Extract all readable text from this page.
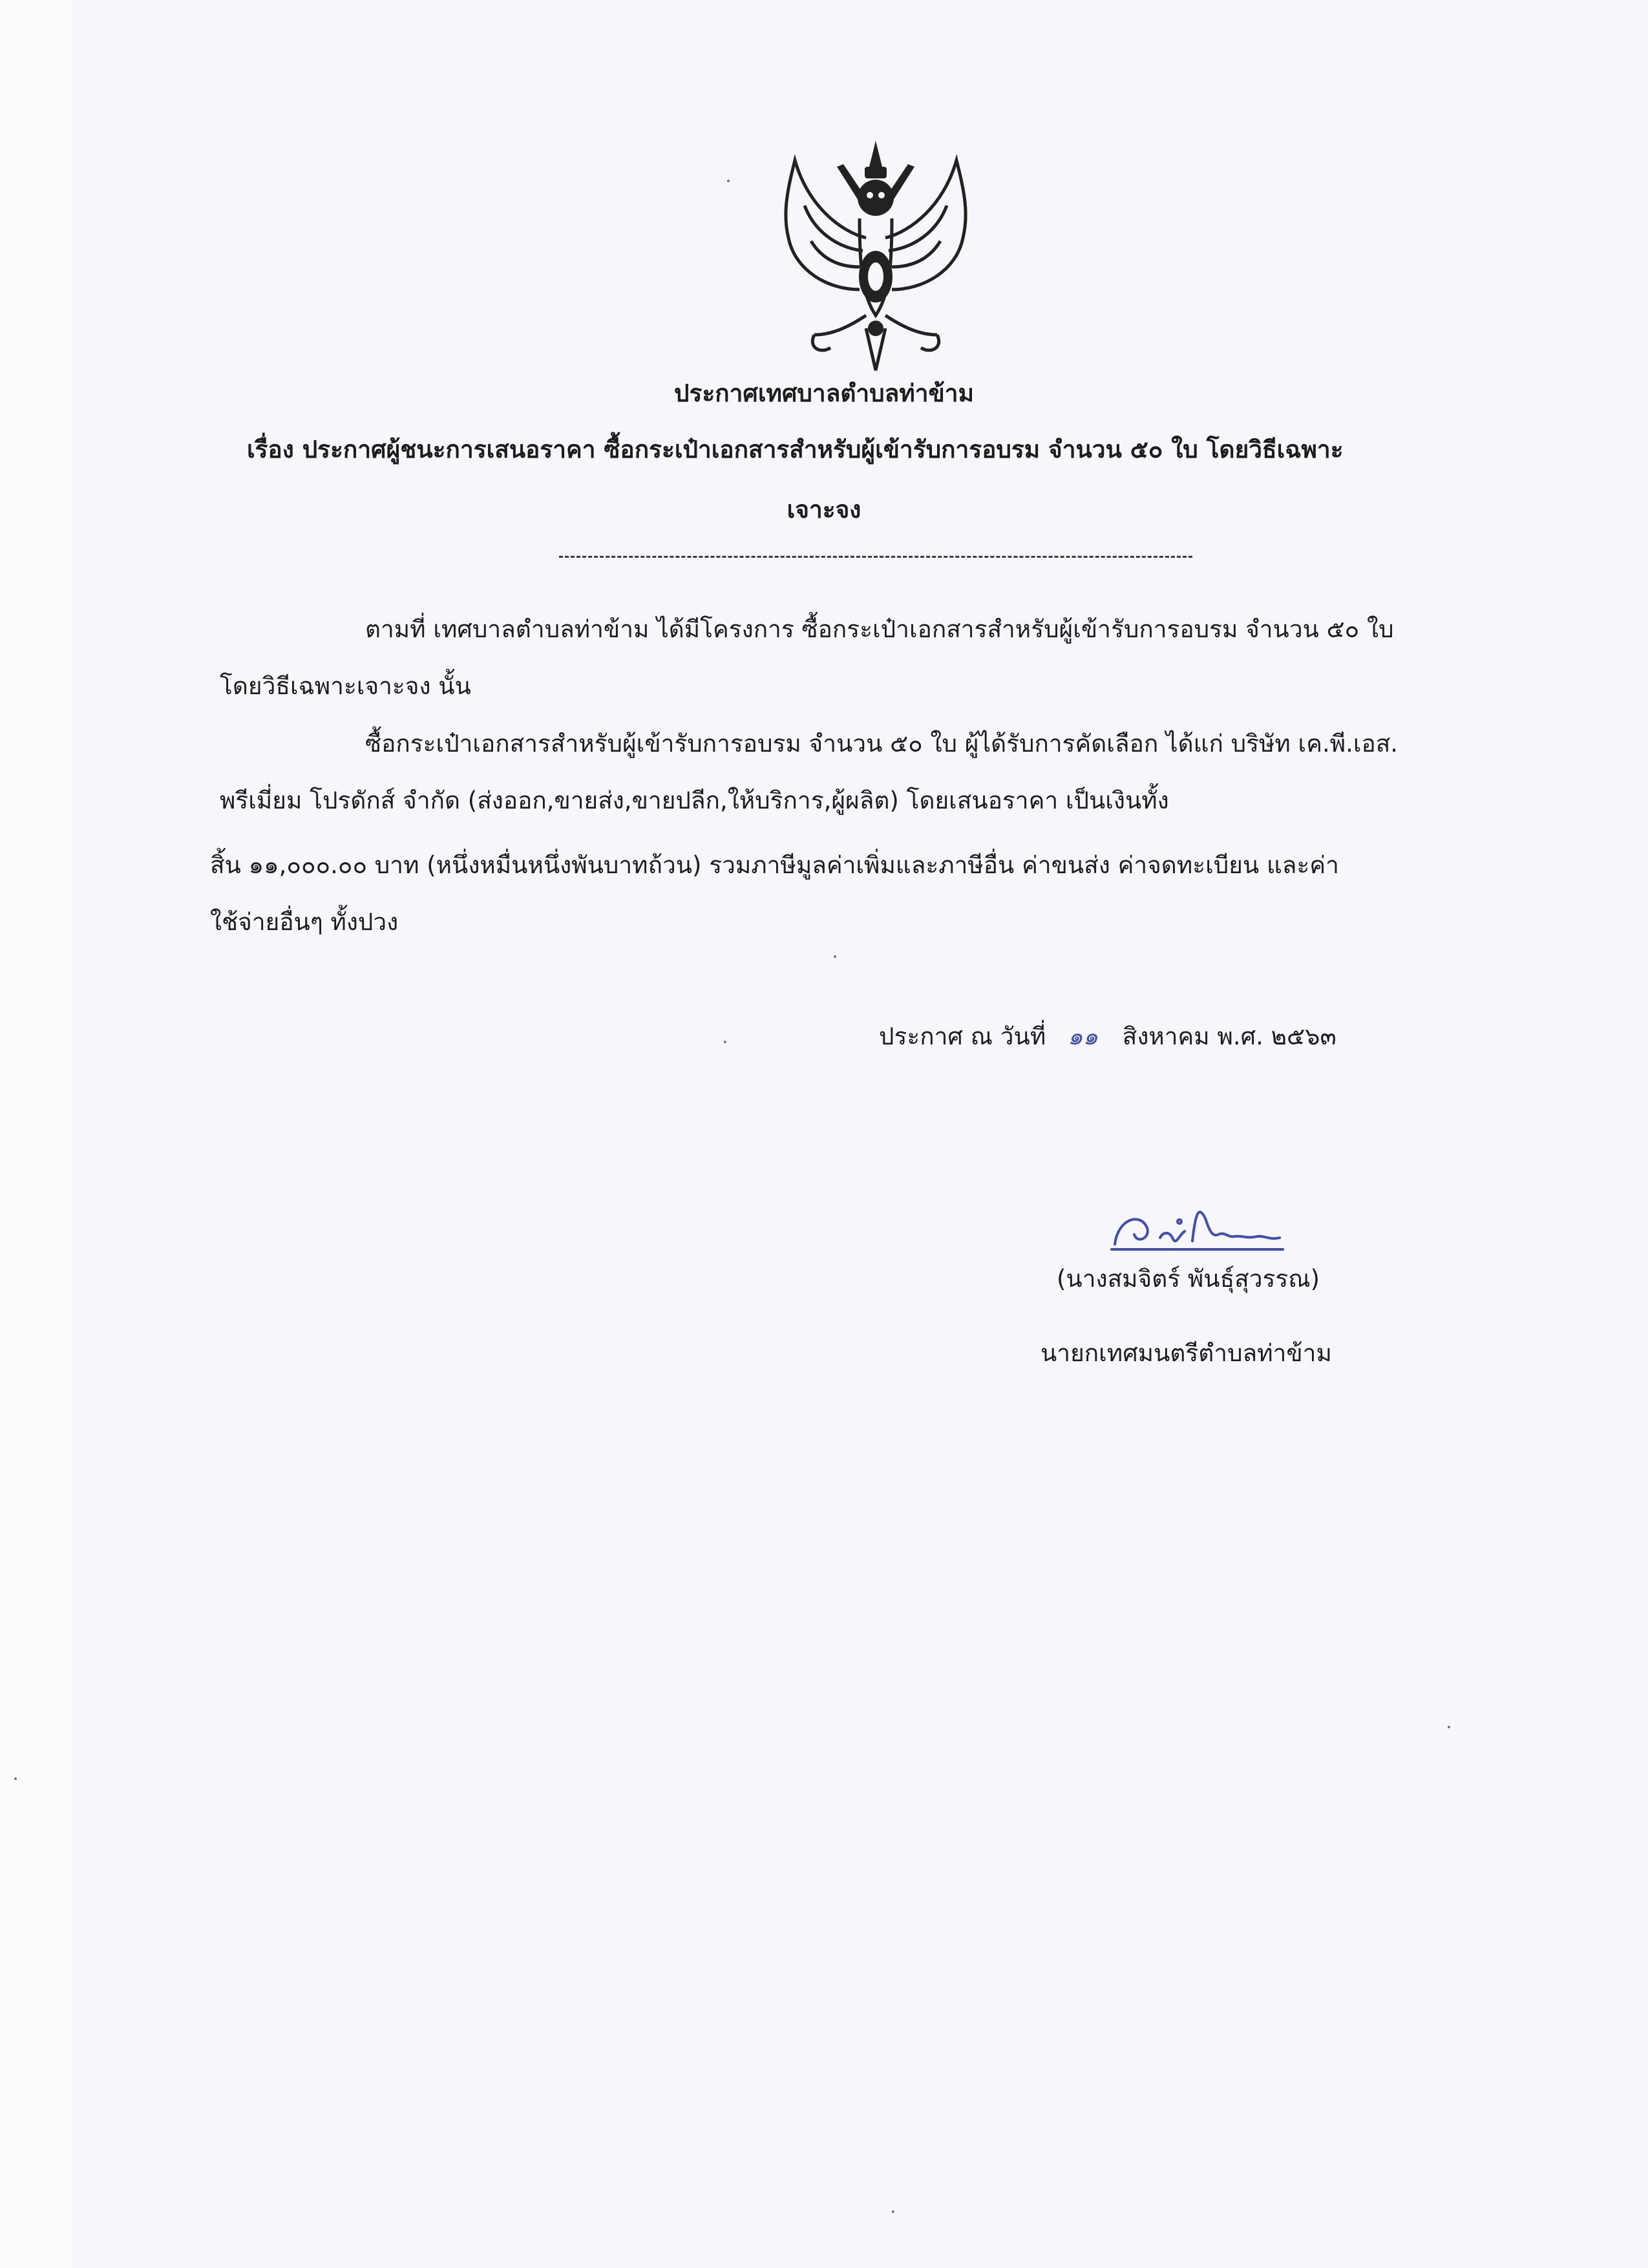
ประกาศเทศบาลตำบลท่าข้าม
เรื่อง ประกาศผู้ชนะการเสนอราคา ซื้อกระเป๋าเอกสารสำหรับผู้เข้ารับการอบรม จำนวน ๕๐ ใบ โดยวิธีเฉพาะ
เจาะจง
ตามที่ เทศบาลตำบลท่าข้าม ได้มีโครงการ ซื้อกระเป๋าเอกสารสำหรับผู้เข้ารับการอบรม จำนวน ๕๐ ใบ
โดยวิธีเฉพาะเจาะจง นั้น
ซื้อกระเป๋าเอกสารสำหรับผู้เข้ารับการอบรม จำนวน ๕๐ ใบ ผู้ได้รับการคัดเลือก ได้แก่ บริษัท เค.พี.เอส.
พรีเมี่ยม โปรดักส์ จำกัด (ส่งออก,ขายส่ง,ขายปลีก,ให้บริการ,ผู้ผลิต) โดยเสนอราคา เป็นเงินทั้ง
สิ้น ๑๑,๐๐๐.๐๐ บาท (หนึ่งหมื่นหนึ่งพันบาทถ้วน) รวมภาษีมูลค่าเพิ่มและภาษีอื่น ค่าขนส่ง ค่าจดทะเบียน และค่า
ใช้จ่ายอื่นๆ ทั้งปวง
ประกาศ ณ วันที่ ๑๑ สิงหาคม พ.ศ. ๒๕๖๓
(นางสมจิตร์ พันธุ์สุวรรณ)
นายกเทศมนตรีตำบลท่าข้าม
